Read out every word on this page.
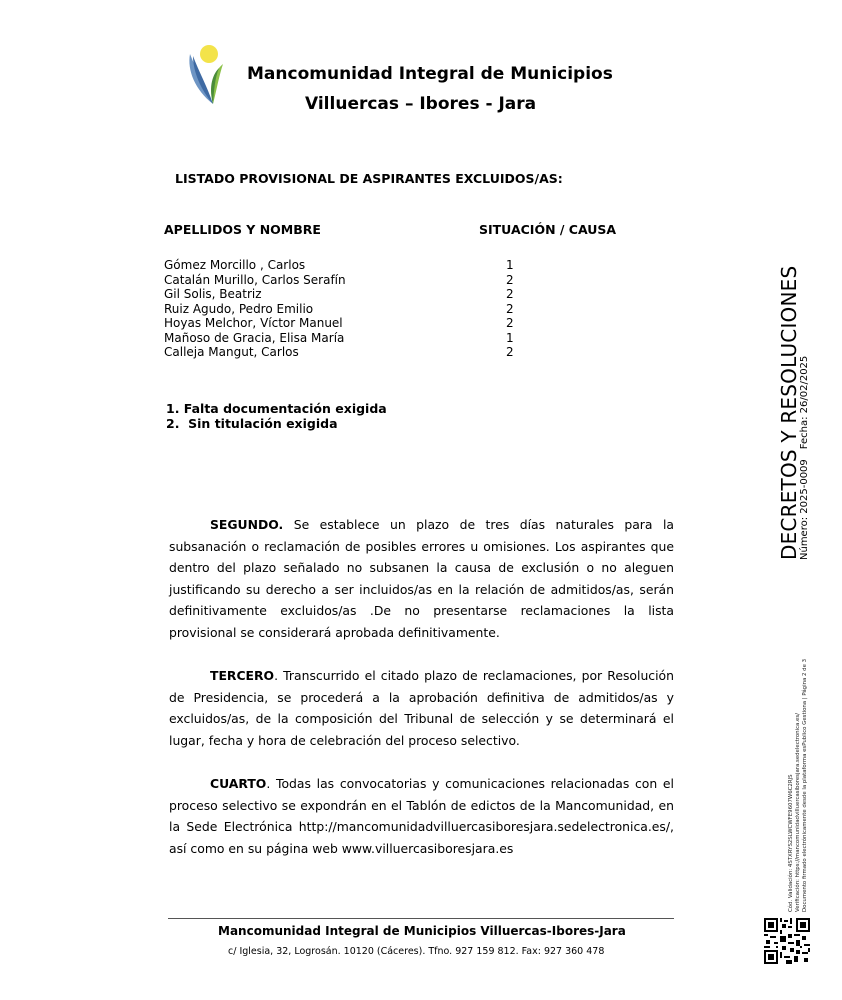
Mancomunidad Integral de Municipios
Villuercas – Ibores - Jara
LISTADO PROVISIONAL DE ASPIRANTES EXCLUIDOS/AS:
APELLIDOS Y NOMBRE	SITUACIÓN / CAUSA
Gómez Morcillo , Carlos	1
Catalán Murillo, Carlos Serafín	2
Gil Solis, Beatriz	2
Ruiz Agudo, Pedro Emilio	2
Hoyas Melchor, Víctor Manuel	2
Mañoso de Gracia, Elisa María	1
Calleja Mangut, Carlos	2
1. Falta documentación exigida
2.  Sin titulación exigida
SEGUNDO. Se establece un plazo de tres días naturales para la subsanación o reclamación de posibles errores u omisiones. Los aspirantes que dentro del plazo señalado no subsanen la causa de exclusión o no aleguen justificando su derecho a ser incluidos/as en la relación de admitidos/as, serán definitivamente excluidos/as .De no presentarse reclamaciones la lista provisional se considerará aprobada definitivamente.
TERCERO. Transcurrido el citado plazo de reclamaciones, por Resolución de Presidencia, se procederá a la aprobación definitiva de admitidos/as y excluidos/as, de la composición del Tribunal de selección y se determinará el lugar, fecha y hora de celebración del proceso selectivo.
CUARTO. Todas las convocatorias y comunicaciones relacionadas con el proceso selectivo se expondrán en el Tablón de edictos de la Mancomunidad, en la Sede Electrónica http://mancomunidadvilluercasiboresjara.sedelectronica.es/, así como en su página web www.villuercasiboresjara.es
Mancomunidad Integral de Municipios Villuercas-Ibores-Jara
c/ Iglesia, 32, Logrosán. 10120 (Cáceres). Tfno. 927 159 812. Fax: 927 360 478
DECRETOS Y RESOLUCIONES
Número: 2025-0009Fecha: 26/02/2025
Cód. Validación: 4STXRYS2SLWCWFE9607W6C2RJS Verificación: https://mancomunidadvilluercasiboresjara.sedelectronica.es/ Documento firmado electrónicamente desde la plataforma esPublico Gestiona | Página 2 de 3
